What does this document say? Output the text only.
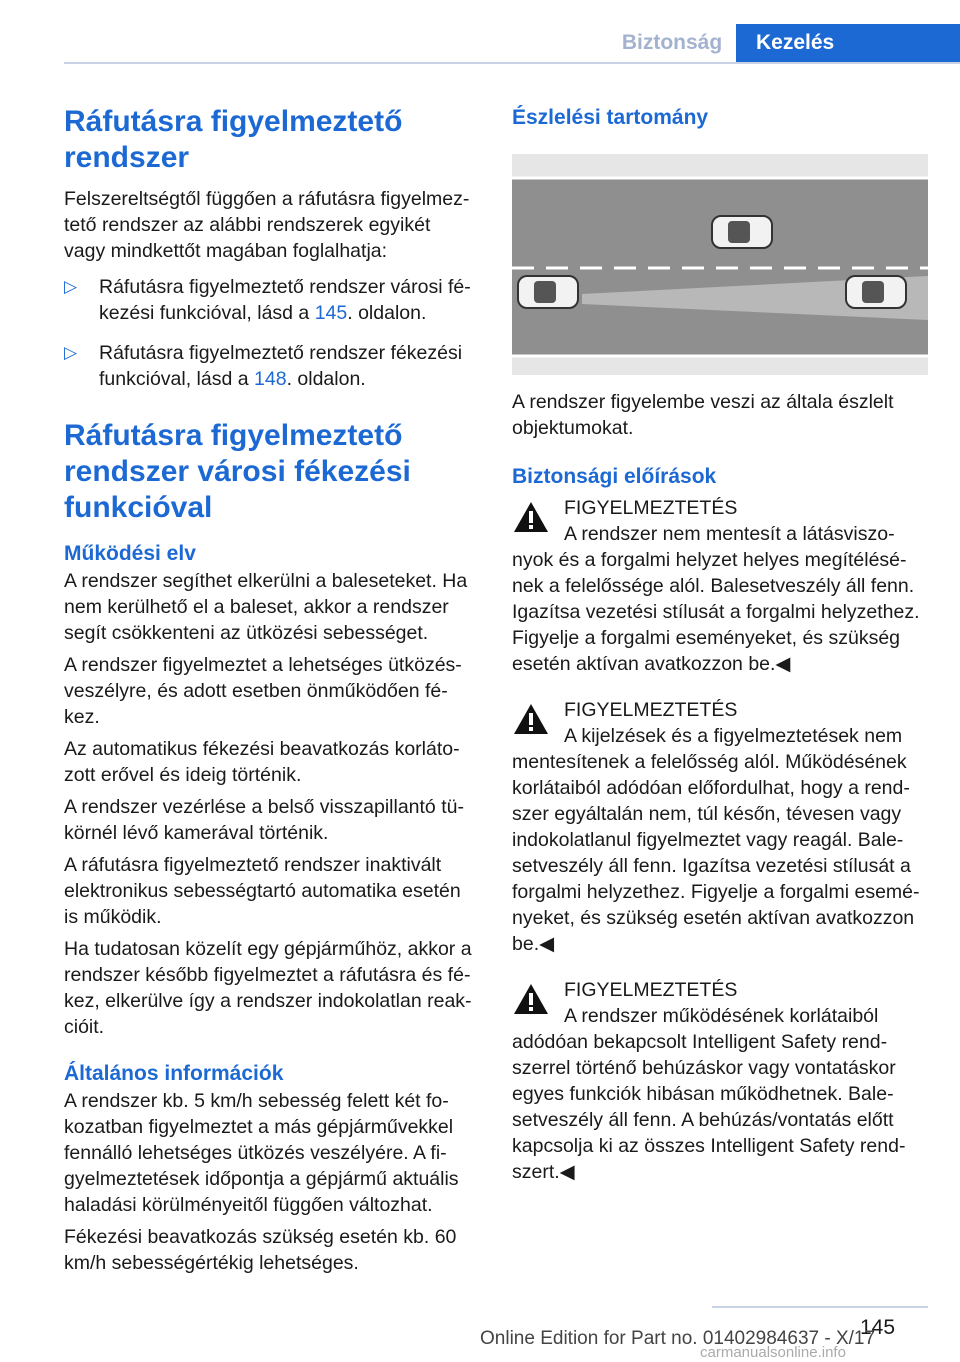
Biztonság	Kezelés
Ráfutásra figyelmeztető rendszer

Felszereltségtől függően a ráfutásra figyelmez-tető rendszer az alábbi rendszerek egyikét vagy mindkettőt magában foglalhatja:

▷ Ráfutásra figyelmeztető rendszer városi fé-kezési funkcióval, lásd a 145. oldalon.
▷ Ráfutásra figyelmeztető rendszer fékezési funkcióval, lásd a 148. oldalon.
Ráfutásra figyelmeztető rendszer városi fékezési funkcióval
Működési elv

A rendszer segíthet elkerülni a baleseteket. Ha nem kerülhető el a baleset, akkor a rendszer segít csökkenteni az ütközési sebességet.

A rendszer figyelmeztet a lehetséges ütközés-veszélyre, és adott esetben önműködően fé-kez.

Az automatikus fékezési beavatkozás korláto-zott erővel és ideig történik.

A rendszer vezérlése a belső visszapillantó tü-körnél lévő kamerával történik.

A ráfutásra figyelmeztető rendszer inaktivált elektronikus sebességtartó automatika esetén is működik.

Ha tudatosan közelít egy gépjárműhöz, akkor a rendszer később figyelmeztet a ráfutásra és fé-kez, elkerülve így a rendszer indokolatlan reak-cióit.

Általános információk

A rendszer kb. 5 km/h sebesség felett két fo-kozatban figyelmeztet a más gépjárművekkel fennálló lehetséges ütközés veszélyére. A fi-gyelmeztetések időpontja a gépjármű aktuális haladási körülményeitől függően változhat.

Fékezési beavatkozás szükség esetén kb. 60 km/h sebességértékig lehetséges.

Észlelési tartomány

A rendszer figyelembe veszi az általa észlelt objektumokat.

Biztonsági előírások
FIGYELMEZTETÉS
A rendszer nem mentesít a látásviszo-nyok és a forgalmi helyzet helyes megítélésé-nek a felelőssége alól. Balesetveszély áll fenn. Igazítsa vezetési stílusát a forgalmi helyzethez. Figyelje a forgalmi eseményeket, és szükség esetén aktívan avatkozzon be.◀
FIGYELMEZTETÉS
A kijelzések és a figyelmeztetések nem mentesítenek a felelősség alól. Működésének korlátaiból adódóan előfordulhat, hogy a rend-szer egyáltalán nem, túl későn, tévesen vagy indokolatlanul figyelmeztet vagy reagál. Bale-setveszély áll fenn. Igazítsa vezetési stílusát a forgalmi helyzethez. Figyelje a forgalmi esemé-nyeket, és szükség esetén aktívan avatkozzon be.◀
FIGYELMEZTETÉS
A rendszer működésének korlátaiból adódóan bekapcsolt Intelligent Safety rend-szerrel történő behúzáskor vagy vontatáskor egyes funkciók hibásan működhetnek. Bale-setveszély áll fenn. A behúzás/vontatás előtt kapcsolja ki az összes Intelligent Safety rend-szert.◀
145
Online Edition for Part no. 01402984637 - X/17
carmanualsonline.info
